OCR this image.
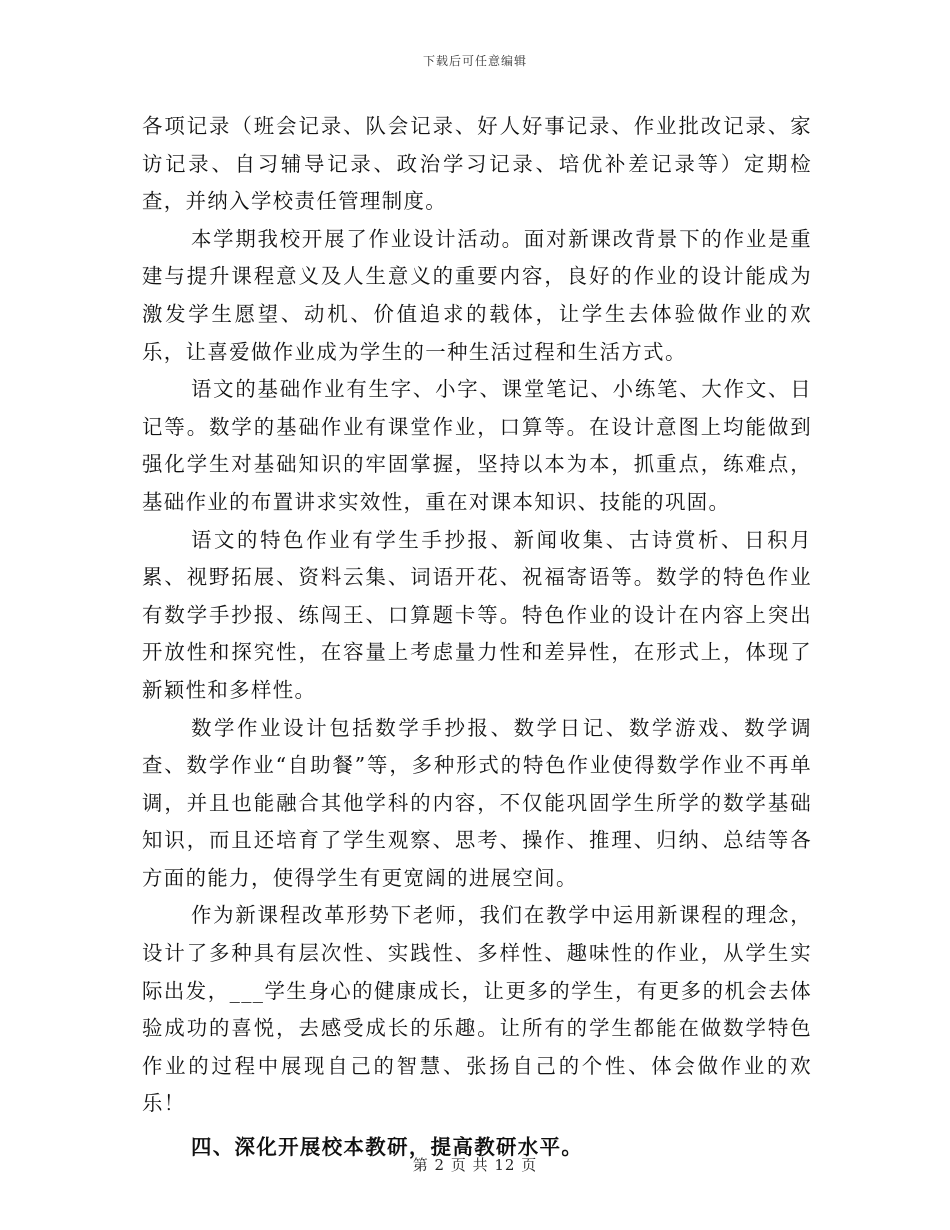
下载后可任意编辑

各项记录（班会记录、队会记录、好人好事记录、作业批改记录、家访记录、自习辅导记录、政治学习记录、培优补差记录等）定期检查，并纳入学校责任管理制度。

本学期我校开展了作业设计活动。面对新课改背景下的作业是重建与提升课程意义及人生意义的重要内容，良好的作业的设计能成为激发学生愿望、动机、价值追求的载体，让学生去体验做作业的欢乐，让喜爱做作业成为学生的一种生活过程和生活方式。

语文的基础作业有生字、小字、课堂笔记、小练笔、大作文、日记等。数学的基础作业有课堂作业，口算等。在设计意图上均能做到强化学生对基础知识的牢固掌握，坚持以本为本，抓重点，练难点，基础作业的布置讲求实效性，重在对课本知识、技能的巩固。

语文的特色作业有学生手抄报、新闻收集、古诗赏析、日积月累、视野拓展、资料云集、词语开花、祝福寄语等。数学的特色作业有数学手抄报、练闯王、口算题卡等。特色作业的设计在内容上突出开放性和探究性，在容量上考虑量力性和差异性，在形式上，体现了新颖性和多样性。

数学作业设计包括数学手抄报、数学日记、数学游戏、数学调查、数学作业“自助餐”等，多种形式的特色作业使得数学作业不再单调，并且也能融合其他学科的内容，不仅能巩固学生所学的数学基础知识，而且还培育了学生观察、思考、操作、推理、归纳、总结等各方面的能力，使得学生有更宽阔的进展空间。

作为新课程改革形势下老师，我们在教学中运用新课程的理念，设计了多种具有层次性、实践性、多样性、趣味性的作业，从学生实际出发，___学生身心的健康成长，让更多的学生，有更多的机会去体验成功的喜悦，去感受成长的乐趣。让所有的学生都能在做数学特色作业的过程中展现自己的智慧、张扬自己的个性、体会做作业的欢乐！

四、深化开展校本教研，提高教研水平。

第 2 页 共 12 页
